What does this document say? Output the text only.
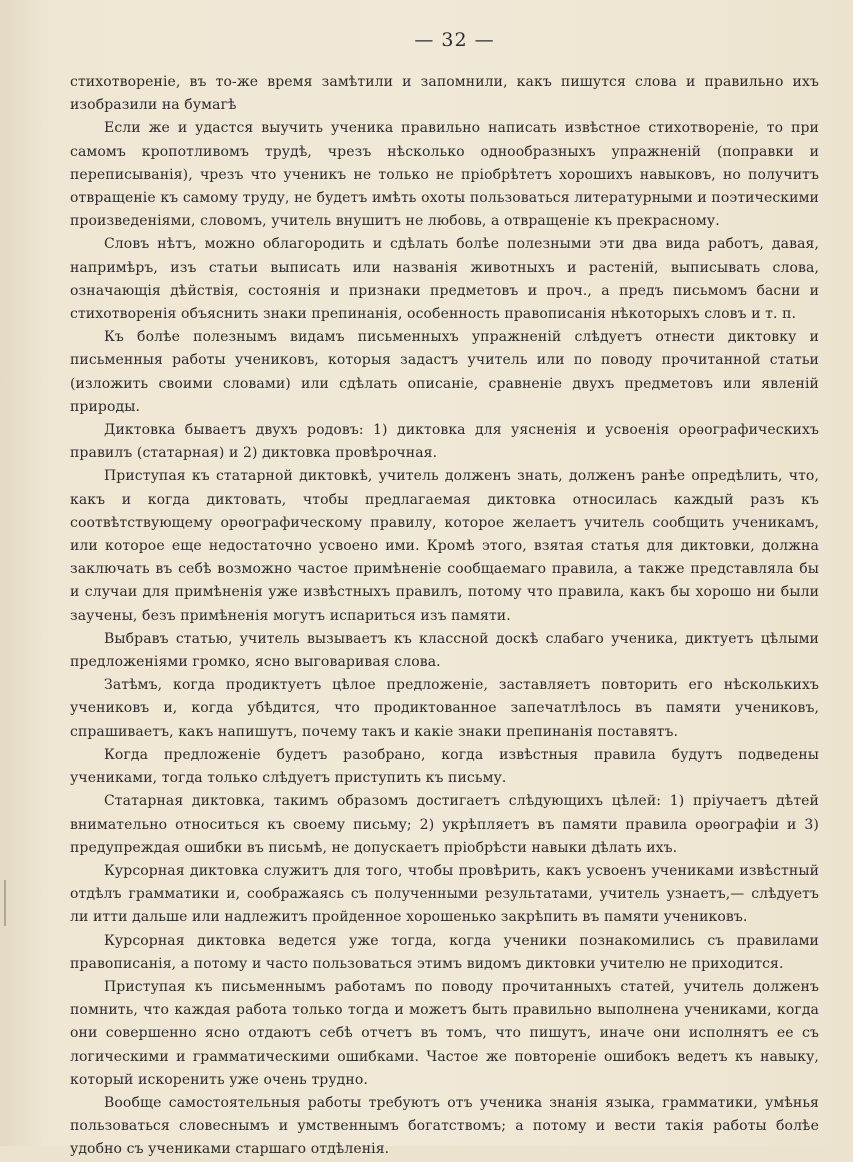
— 32 —

стихотвореніе, въ то-же время замѣтили и запомнили, какъ пишутся слова и правильно ихъ изобразили на бумагѣ

Если же и удастся выучить ученика правильно написать извѣстное стихотвореніе, то при самомъ кропотливомъ трудѣ, чрезъ нѣсколько однообразныхъ упражненій (поправки и переписыванія), чрезъ что ученикъ не только не пріобрѣтетъ хорошихъ навыковъ, но получитъ отвращеніе къ самому труду, не будетъ имѣть охоты пользоваться литературными и поэтическими произведеніями, словомъ, учитель внушитъ не любовь, а отвращеніе къ прекрасному.

Словъ нѣтъ, можно облагородить и сдѣлать болѣе полезными эти два вида работъ, давая, напримѣръ, изъ статьи выписать или названія животныхъ и растеній, выписывать слова, означающія дѣйствія, состоянія и признаки предметовъ и проч., а предъ письмомъ басни и стихотворенія объяснить знаки препинанія, особенность правописанія нѣкоторыхъ словъ и т. п.

Къ болѣе полезнымъ видамъ письменныхъ упражненій слѣдуетъ отнести диктовку и письменныя работы учениковъ, которыя задастъ учитель или по поводу прочитанной статьи (изложить своими словами) или сдѣлать описаніе, сравненіе двухъ предметовъ или явленій природы.

Диктовка бываетъ двухъ родовъ: 1) диктовка для уясненія и усвоенія орѳографическихъ правилъ (статарная) и 2) диктовка провѣрочная.

Приступая къ статарной диктовкѣ, учитель долженъ знать, долженъ ранѣе опредѣлить, что, какъ и когда диктовать, чтобы предлагаемая диктовка относилась каждый разъ къ соотвѣтствующему орѳографическому правилу, которое желаетъ учитель сообщить ученикамъ, или которое еще недостаточно усвоено ими. Кромѣ этого, взятая статья для диктовки, должна заключать въ себѣ возможно частое примѣненіе сообщаемаго правила, а также представляла бы и случаи для примѣненія уже извѣстныхъ правилъ, потому что правила, какъ бы хорошо ни были заучены, безъ примѣненія могутъ испариться изъ памяти.

Выбравъ статью, учитель вызываетъ къ классной доскѣ слабаго ученика, диктуетъ цѣлыми предложеніями громко, ясно выговаривая слова.

Затѣмъ, когда продиктуетъ цѣлое предложеніе, заставляетъ повторить его нѣсколькихъ учениковъ и, когда убѣдится, что продиктованное запечатлѣлось въ памяти учениковъ, спрашиваетъ, какъ напишутъ, почему такъ и какіе знаки препинанія поставятъ.

Когда предложеніе будетъ разобрано, когда извѣстныя правила будутъ подведены учениками, тогда только слѣдуетъ приступить къ письму.

Статарная диктовка, такимъ образомъ достигаетъ слѣдующихъ цѣлей: 1) пріучаетъ дѣтей внимательно относиться къ своему письму; 2) укрѣпляетъ въ памяти правила орѳографіи и 3) предупреждая ошибки въ письмѣ, не допускаетъ пріобрѣсти навыки дѣлать ихъ.

Курсорная диктовка служитъ для того, чтобы провѣрить, какъ усвоенъ учениками извѣстный отдѣлъ грамматики и, соображаясь съ полученными результатами, учитель узнаетъ,— слѣдуетъ ли итти дальше или надлежитъ пройденное хорошенько закрѣпить въ памяти учениковъ.

Курсорная диктовка ведется уже тогда, когда ученики познакомились съ правилами правописанія, а потому и часто пользоваться этимъ видомъ диктовки учителю не приходится.

Приступая къ письменнымъ работамъ по поводу прочитанныхъ статей, учитель долженъ помнить, что каждая работа только тогда и можетъ быть правильно выполнена учениками, когда они совершенно ясно отдаютъ себѣ отчетъ въ томъ, что пишутъ, иначе они исполнятъ ее съ логическими и грамматическими ошибками. Частое же повтореніе ошибокъ ведетъ къ навыку, который искоренить уже очень трудно.

Вообще самостоятельныя работы требуютъ отъ ученика знанія языка, грамматики, умѣнья пользоваться словеснымъ и умственнымъ богатствомъ; а потому и вести такія работы болѣе удобно съ учениками старшаго отдѣленія.
